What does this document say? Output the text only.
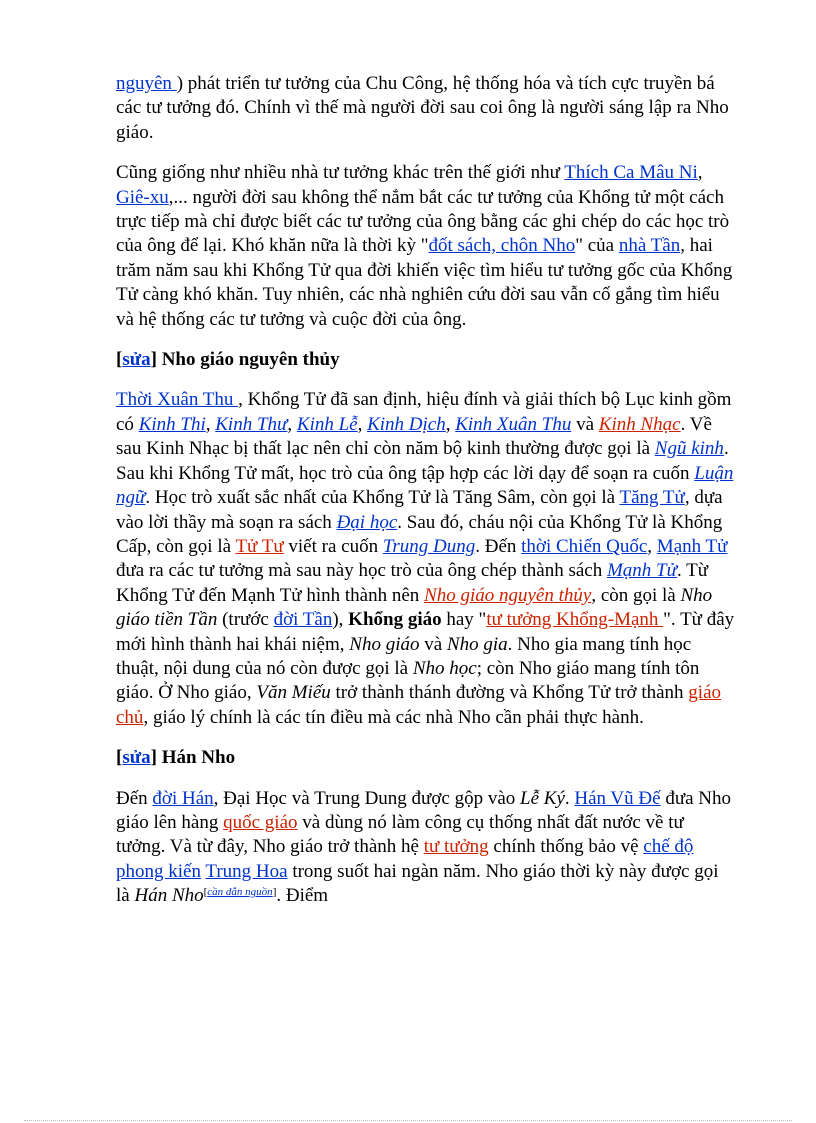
nguyên ) phát triển tư tưởng của Chu Công, hệ thống hóa và tích cực truyền bá các tư tưởng đó. Chính vì thế mà người đời sau coi ông là người sáng lập ra Nho giáo.

Cũng giống như nhiều nhà tư tưởng khác trên thế giới như Thích Ca Mâu Ni, Giê-xu,... người đời sau không thể nắm bắt các tư tưởng của Khổng tử một cách trực tiếp mà chỉ được biết các tư tưởng của ông bằng các ghi chép do các học trò của ông để lại. Khó khăn nữa là thời kỳ "đốt sách, chôn Nho" của nhà Tần, hai trăm năm sau khi Khổng Tử qua đời khiến việc tìm hiểu tư tưởng gốc của Khổng Tử càng khó khăn. Tuy nhiên, các nhà nghiên cứu đời sau vẫn cố gắng tìm hiểu và hệ thống các tư tưởng và cuộc đời của ông.

[sửa] Nho giáo nguyên thủy

Thời Xuân Thu , Khổng Tử đã san định, hiệu đính và giải thích bộ Lục kinh gồm có Kinh Thi, Kinh Thư, Kinh Lễ, Kinh Dịch, Kinh Xuân Thu và Kinh Nhạc. Về sau Kinh Nhạc bị thất lạc nên chỉ còn năm bộ kinh thường được gọi là Ngũ kinh. Sau khi Khổng Tử mất, học trò của ông tập hợp các lời dạy để soạn ra cuốn Luận ngữ. Học trò xuất sắc nhất của Khổng Tử là Tăng Sâm, còn gọi là Tăng Tử, dựa vào lời thầy mà soạn ra sách Đại học. Sau đó, cháu nội của Khổng Tử là Khổng Cấp, còn gọi là Tử Tư viết ra cuốn Trung Dung. Đến thời Chiến Quốc, Mạnh Tử đưa ra các tư tưởng mà sau này học trò của ông chép thành sách Mạnh Tử. Từ Khổng Tử đến Mạnh Tử hình thành nên Nho giáo nguyên thủy, còn gọi là Nho giáo tiền Tần (trước đời Tần), Khổng giáo hay "tư tưởng Khổng-Mạnh ". Từ đây mới hình thành hai khái niệm, Nho giáo và Nho gia. Nho gia mang tính học thuật, nội dung của nó còn được gọi là Nho học; còn Nho giáo mang tính tôn giáo. Ở Nho giáo, Văn Miếu trở thành thánh đường và Khổng Tử trở thành giáo chủ, giáo lý chính là các tín điều mà các nhà Nho cần phải thực hành.

[sửa] Hán Nho

Đến đời Hán, Đại Học và Trung Dung được gộp vào Lễ Ký. Hán Vũ Đế đưa Nho giáo lên hàng quốc giáo và dùng nó làm công cụ thống nhất đất nước về tư tưởng. Và từ đây, Nho giáo trở thành hệ tư tưởng chính thống bảo vệ chế độ phong kiến Trung Hoa trong suốt hai ngàn năm. Nho giáo thời kỳ này được gọi là Hán Nho[cần dẫn nguồn]. Điểm
